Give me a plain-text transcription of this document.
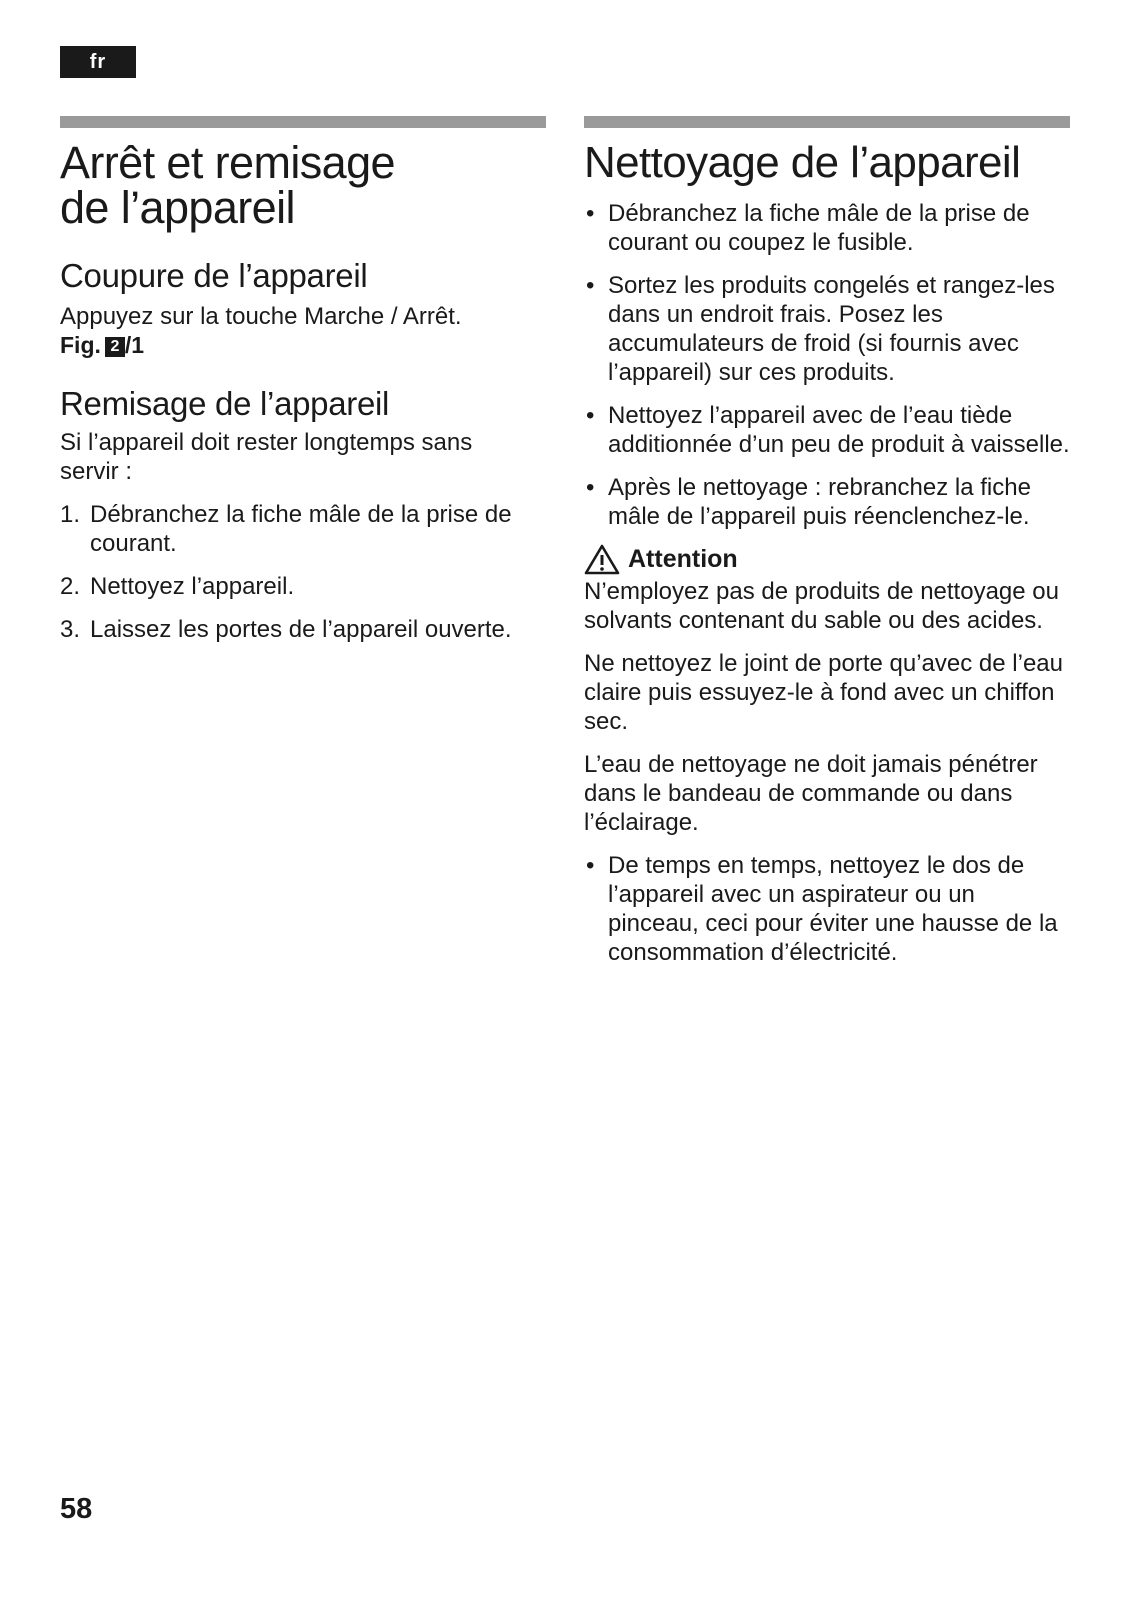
fr
Arrêt et remisage
de l’appareil
Coupure de l’appareil

Appuyez sur la touche Marche / Arrêt.

Fig. 2 /1

Remisage de l’appareil

Si l’appareil doit rester longtemps sans servir :

1. Débranchez la fiche mâle de la prise de courant.
2. Nettoyez l’appareil.
3. Laissez les portes de l’appareil ouverte.
Nettoyage de l’appareil
• Débranchez la fiche mâle de la prise de courant ou coupez le fusible.
• Sortez les produits congelés et rangez-les dans un endroit frais. Posez les accumulateurs de froid (si fournis avec l’appareil) sur ces produits.
• Nettoyez l’appareil avec de l’eau tiède additionnée d’un peu de produit à vaisselle.
• Après le nettoyage : rebranchez la fiche mâle de l’appareil puis réenclenchez-le.
Attention

N’employez pas de produits de nettoyage ou solvants contenant du sable ou des acides.

Ne nettoyez le joint de porte qu’avec de l’eau claire puis essuyez-le à fond avec un chiffon sec.

L’eau de nettoyage ne doit jamais pénétrer dans le bandeau de commande ou dans l’éclairage.

• De temps en temps, nettoyez le dos de l’appareil avec un aspirateur ou un pinceau, ceci pour éviter une hausse de la consommation d’électricité.
58
